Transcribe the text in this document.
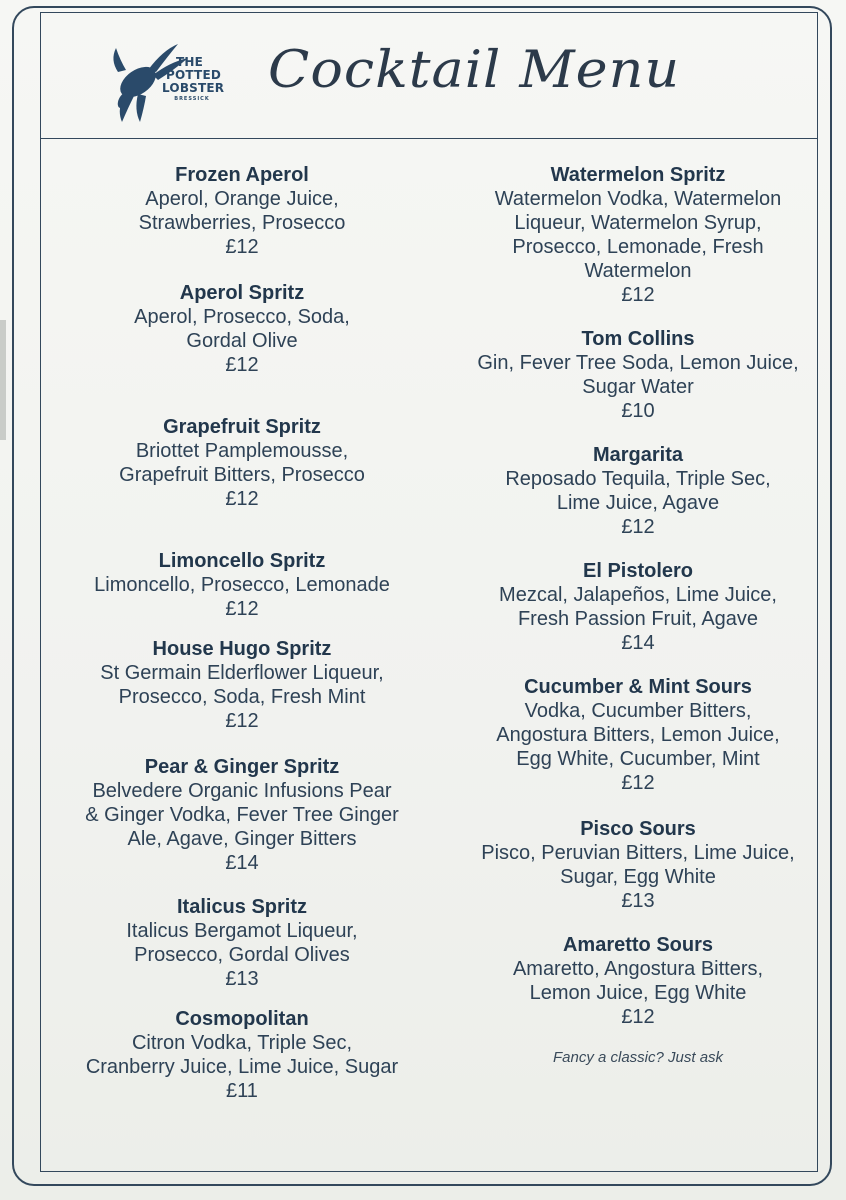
THE
POTTED
LOBSTER
BRESSICK Cocktail Menu
Frozen Aperol
Aperol, Orange Juice,
Strawberries, Prosecco
£12
Aperol Spritz
Aperol, Prosecco, Soda,
Gordal Olive
£12
Grapefruit Spritz
Briottet Pamplemousse,
Grapefruit Bitters, Prosecco
£12
Limoncello Spritz
Limoncello, Prosecco, Lemonade
£12
House Hugo Spritz
St Germain Elderflower Liqueur,
Prosecco, Soda, Fresh Mint
£12
Pear & Ginger Spritz
Belvedere Organic Infusions Pear
& Ginger Vodka, Fever Tree Ginger
Ale, Agave, Ginger Bitters
£14
Italicus Spritz
Italicus Bergamot Liqueur,
Prosecco, Gordal Olives
£13
Cosmopolitan
Citron Vodka, Triple Sec,
Cranberry Juice, Lime Juice, Sugar
£11
Watermelon Spritz
Watermelon Vodka, Watermelon
Liqueur, Watermelon Syrup,
Prosecco, Lemonade, Fresh
Watermelon
£12
Tom Collins
Gin, Fever Tree Soda, Lemon Juice,
Sugar Water
£10
Margarita
Reposado Tequila, Triple Sec,
Lime Juice, Agave
£12
El Pistolero
Mezcal, Jalapeños, Lime Juice,
Fresh Passion Fruit, Agave
£14
Cucumber & Mint Sours
Vodka, Cucumber Bitters,
Angostura Bitters, Lemon Juice,
Egg White, Cucumber, Mint
£12
Pisco Sours
Pisco, Peruvian Bitters, Lime Juice,
Sugar, Egg White
£13
Amaretto Sours
Amaretto, Angostura Bitters,
Lemon Juice, Egg White
£12
Fancy a classic? Just ask
